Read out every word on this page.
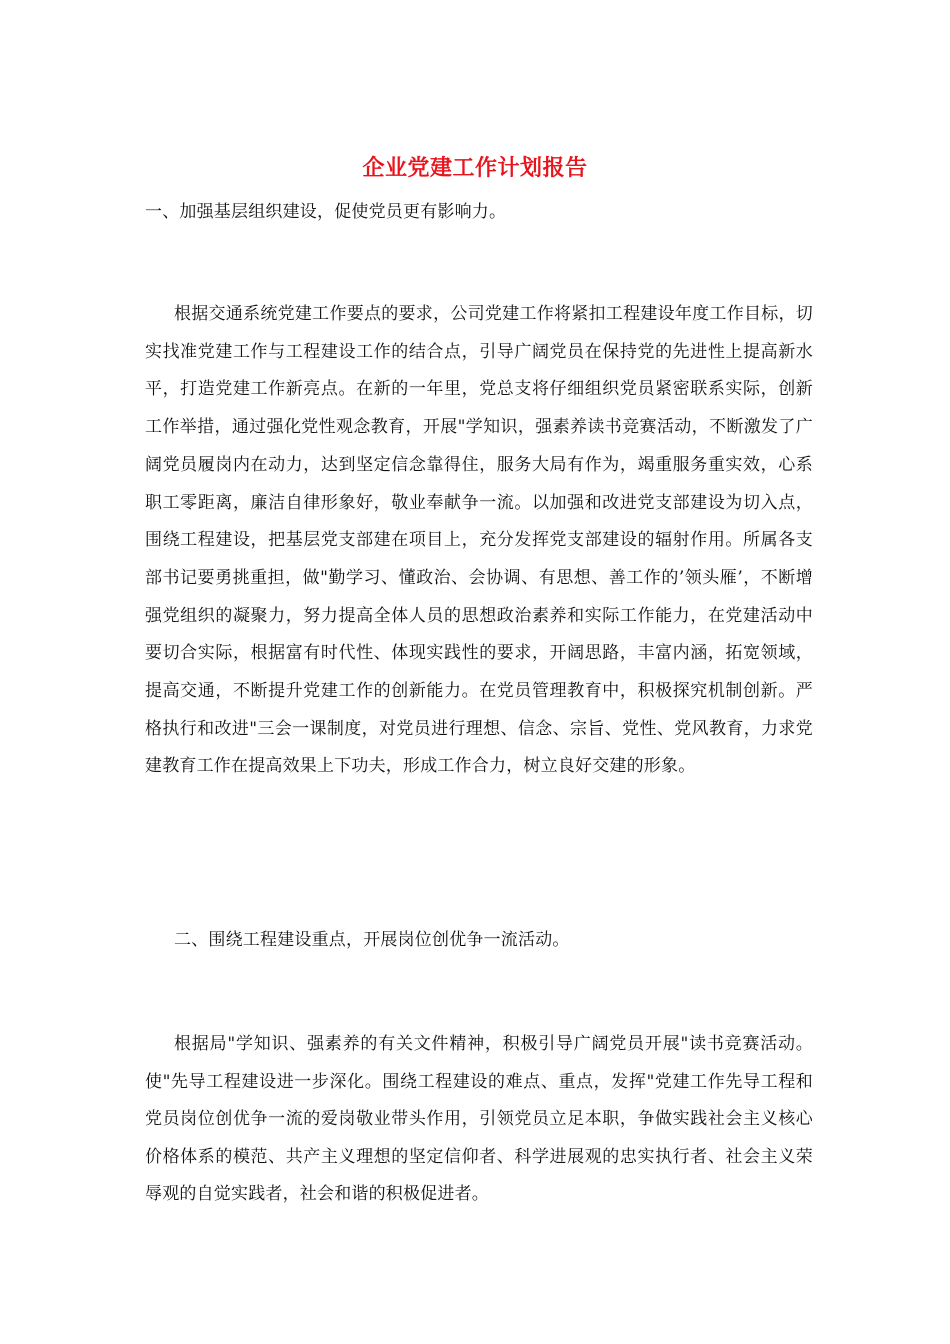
企业党建工作计划报告
一、加强基层组织建设，促使党员更有影响力。
根据交通系统党建工作要点的要求，公司党建工作将紧扣工程建设年度工作目标，切实找准党建工作与工程建设工作的结合点，引导广阔党员在保持党的先进性上提高新水平，打造党建工作新亮点。在新的一年里，党总支将仔细组织党员紧密联系实际，创新工作举措，通过强化党性观念教育，开展"学知识，强素养读书竞赛活动，不断激发了广阔党员履岗内在动力，达到坚定信念靠得住，服务大局有作为，竭重服务重实效，心系职工零距离，廉洁自律形象好，敬业奉献争一流。以加强和改进党支部建设为切入点，围绕工程建设，把基层党支部建在项目上，充分发挥党支部建设的辐射作用。所属各支部书记要勇挑重担，做"勤学习、懂政治、会协调、有思想、善工作的’领头雁’，不断增强党组织的凝聚力，努力提高全体人员的思想政治素养和实际工作能力，在党建活动中要切合实际，根据富有时代性、体现实践性的要求，开阔思路，丰富内涵，拓宽领域，提高交通，不断提升党建工作的创新能力。在党员管理教育中，积极探究机制创新。严格执行和改进"三会一课制度，对党员进行理想、信念、宗旨、党性、党风教育，力求党建教育工作在提高效果上下功夫，形成工作合力，树立良好交建的形象。
二、围绕工程建设重点，开展岗位创优争一流活动。
根据局"学知识、强素养的有关文件精神，积极引导广阔党员开展"读书竞赛活动。使"先导工程建设进一步深化。围绕工程建设的难点、重点，发挥"党建工作先导工程和党员岗位创优争一流的爱岗敬业带头作用，引领党员立足本职，争做实践社会主义核心价格体系的模范、共产主义理想的坚定信仰者、科学进展观的忠实执行者、社会主义荣辱观的自觉实践者，社会和谐的积极促进者。
